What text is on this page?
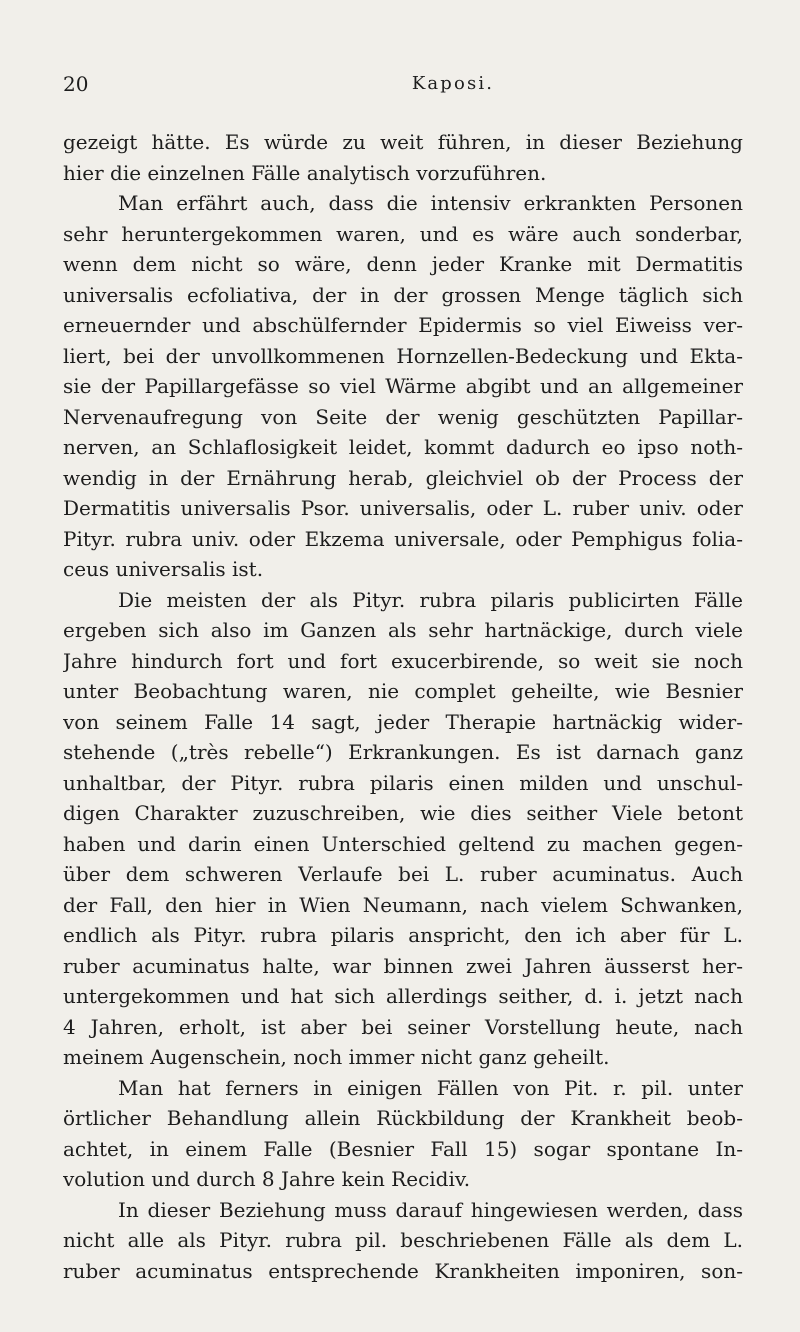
20	Kaposi.
gezeigt hätte. Es würde zu weit führen, in dieser Beziehung
hier die einzelnen Fälle analytisch vorzuführen.
Man erfährt auch, dass die intensiv erkrankten Personen
sehr heruntergekommen waren, und es wäre auch sonderbar,
wenn dem nicht so wäre, denn jeder Kranke mit Dermatitis
universalis ecfoliativa, der in der grossen Menge täglich sich
erneuernder und abschülfernder Epidermis so viel Eiweiss ver-
liert, bei der unvollkommenen Hornzellen-Bedeckung und Ekta-
sie der Papillargefässe so viel Wärme abgibt und an allgemeiner
Nervenaufregung von Seite der wenig geschützten Papillar-
nerven, an Schlaflosigkeit leidet, kommt dadurch eo ipso noth-
wendig in der Ernährung herab, gleichviel ob der Process der
Dermatitis universalis Psor. universalis, oder L. ruber univ. oder
Pityr. rubra univ. oder Ekzema universale, oder Pemphigus folia-
ceus universalis ist.
Die meisten der als Pityr. rubra pilaris publicirten Fälle
ergeben sich also im Ganzen als sehr hartnäckige, durch viele
Jahre hindurch fort und fort exucerbirende, so weit sie noch
unter Beobachtung waren, nie complet geheilte, wie Besnier
von seinem Falle 14 sagt, jeder Therapie hartnäckig wider-
stehende („très rebelle“) Erkrankungen. Es ist darnach ganz
unhaltbar, der Pityr. rubra pilaris einen milden und unschul-
digen Charakter zuzuschreiben, wie dies seither Viele betont
haben und darin einen Unterschied geltend zu machen gegen-
über dem schweren Verlaufe bei L. ruber acuminatus. Auch
der Fall, den hier in Wien Neumann, nach vielem Schwanken,
endlich als Pityr. rubra pilaris anspricht, den ich aber für L.
ruber acuminatus halte, war binnen zwei Jahren äusserst her-
untergekommen und hat sich allerdings seither, d. i. jetzt nach
4 Jahren, erholt, ist aber bei seiner Vorstellung heute, nach
meinem Augenschein, noch immer nicht ganz geheilt.
Man hat ferners in einigen Fällen von Pit. r. pil. unter
örtlicher Behandlung allein Rückbildung der Krankheit beob-
achtet, in einem Falle (Besnier Fall 15) sogar spontane In-
volution und durch 8 Jahre kein Recidiv.
In dieser Beziehung muss darauf hingewiesen werden, dass
nicht alle als Pityr. rubra pil. beschriebenen Fälle als dem L.
ruber acuminatus entsprechende Krankheiten imponiren, son-
